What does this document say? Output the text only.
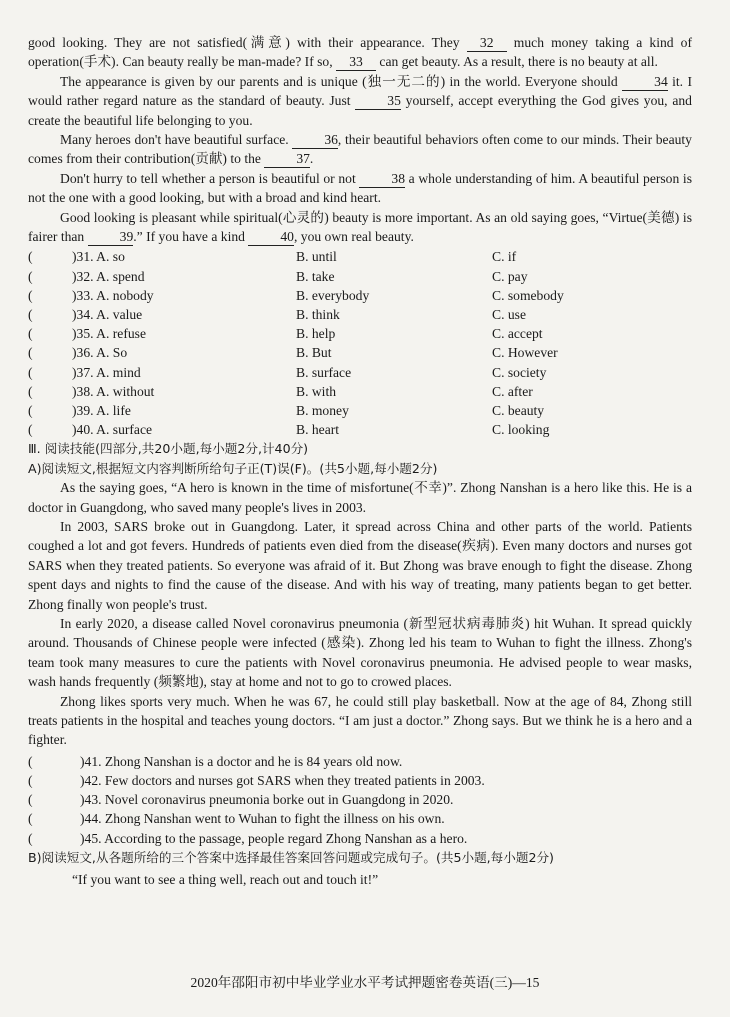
good looking. They are not satisfied(满意) with their appearance. They 32 much money taking a kind of operation(手术). Can beauty really be man-made? If so, 33 can get beauty. As a result, there is no beauty at all.

The appearance is given by our parents and is unique (独一无二的) in the world. Everyone should 34 it. I would rather regard nature as the standard of beauty. Just 35 yourself, accept everything the God gives you, and create the beautiful life belonging to you.

Many heroes don't have beautiful surface. 36, their beautiful behaviors often come to our minds. Their beauty comes from their contribution(贡献) to the 37.

Don't hurry to tell whether a person is beautiful or not 38 a whole understanding of him. A beautiful person is not the one with a good looking, but with a broad and kind heart.

Good looking is pleasant while spiritual(心灵的) beauty is more important. As an old saying goes, “Virtue(美德) is fairer than 39.” If you have a kind 40, you own real beauty.

(	)31. A. so	B. until	C. if
(	)32. A. spend	B. take	C. pay
(	)33. A. nobody	B. everybody	C. somebody
(	)34. A. value	B. think	C. use
(	)35. A. refuse	B. help	C. accept
(	)36. A. So	B. But	C. However
(	)37. A. mind	B. surface	C. society
(	)38. A. without	B. with	C. after
(	)39. A. life	B. money	C. beauty
(	)40. A. surface	B. heart	C. looking

Ⅲ. 阅读技能(四部分,共20小题,每小题2分,计40分)

A)阅读短文,根据短文内容判断所给句子正(T)误(F)。(共5小题,每小题2分)

As the saying goes, “A hero is known in the time of misfortune(不幸)”. Zhong Nanshan is a hero like this. He is a doctor in Guangdong, who saved many people's lives in 2003.

In 2003, SARS broke out in Guangdong. Later, it spread across China and other parts of the world. Patients coughed a lot and got fevers. Hundreds of patients even died from the disease(疾病). Even many doctors and nurses got SARS when they treated patients. So everyone was afraid of it. But Zhong was brave enough to fight the disease. Zhong spent days and nights to find the cause of the disease. And with his way of treating, many patients began to get better. Zhong finally won people's trust.

In early 2020, a disease called Novel coronavirus pneumonia (新型冠状病毒肺炎) hit Wuhan. It spread quickly around. Thousands of Chinese people were infected (感染). Zhong led his team to Wuhan to fight the illness. Zhong's team took many measures to cure the patients with Novel coronavirus pneumonia. He advised people to wear masks, wash hands frequently (频繁地), stay at home and not to go to crowed places.

Zhong likes sports very much. When he was 67, he could still play basketball. Now at the age of 84, Zhong still treats patients in the hospital and teaches young doctors. “I am just a doctor.” Zhong says. But we think he is a hero and a fighter.

(	)41. Zhong Nanshan is a doctor and he is 84 years old now.
(	)42. Few doctors and nurses got SARS when they treated patients in 2003.
(	)43. Novel coronavirus pneumonia borke out in Guangdong in 2020.
(	)44. Zhong Nanshan went to Wuhan to fight the illness on his own.
(	)45. According to the passage, people regard Zhong Nanshan as a hero.

B)阅读短文,从各题所给的三个答案中选择最佳答案回答问题或完成句子。(共5小题,每小题2分)

“If you want to see a thing well, reach out and touch it!”

2020年邵阳市初中毕业学业水平考试押题密卷英语(三)—15
